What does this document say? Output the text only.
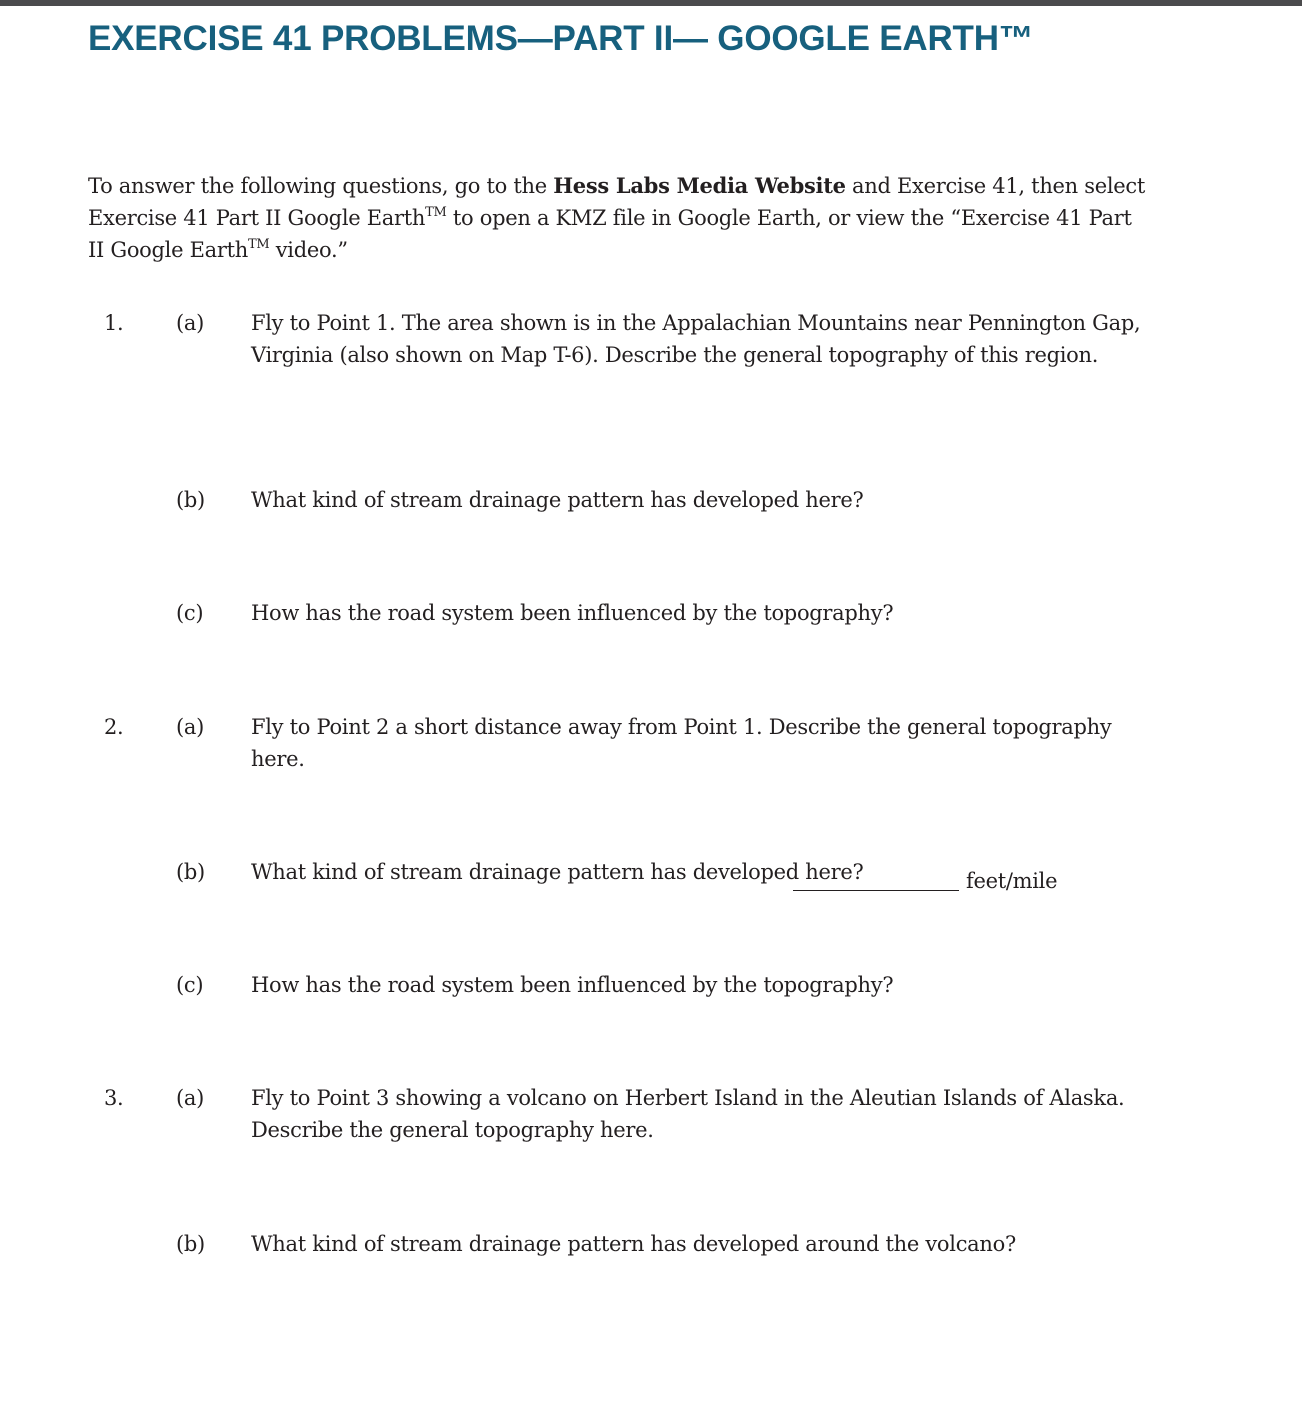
EXERCISE 41 PROBLEMS—PART II— GOOGLE EARTH™

To answer the following questions, go to the Hess Labs Media Website and Exercise 41, then select Exercise 41 Part II Google Earth™ to open a KMZ file in Google Earth, or view the “Exercise 41 Part II Google Earth™ video.”

1.	(a) Fly to Point 1. The area shown is in the Appalachian Mountains near Pennington Gap, Virginia (also shown on Map T-6). Describe the general topography of this region.

(b) What kind of stream drainage pattern has developed here?

(c) How has the road system been influenced by the topography?

2.	(a) Fly to Point 2 a short distance away from Point 1. Describe the general topography here.

(b) What kind of stream drainage pattern has developed here?	feet/mile

(c) How has the road system been influenced by the topography?

3.	(a) Fly to Point 3 showing a volcano on Herbert Island in the Aleutian Islands of Alaska. Describe the general topography here.

(b) What kind of stream drainage pattern has developed around the volcano?
